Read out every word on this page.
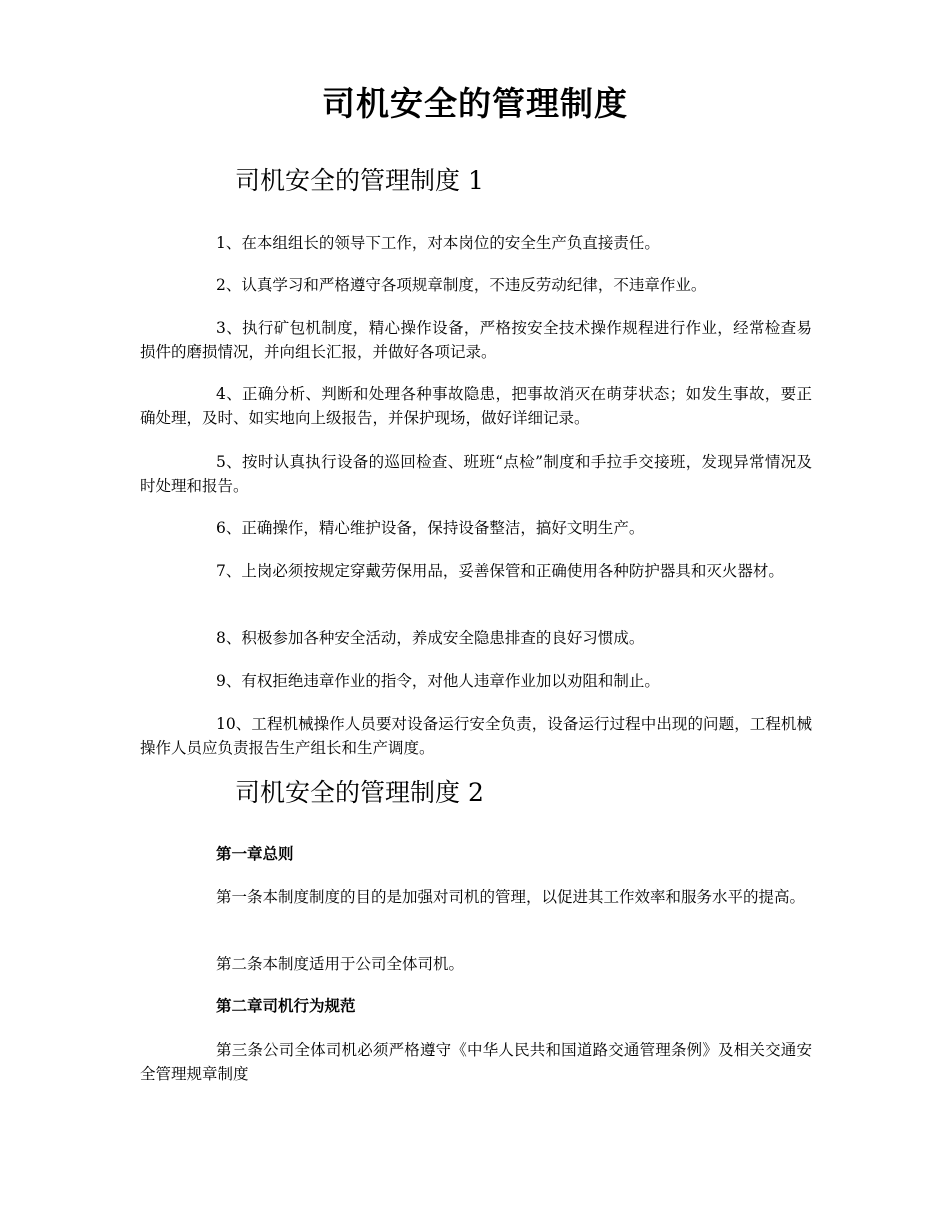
司机安全的管理制度
司机安全的管理制度 1

1、在本组组长的领导下工作，对本岗位的安全生产负直接责任。

2、认真学习和严格遵守各项规章制度，不违反劳动纪律，不违章作业。

3、执行矿包机制度，精心操作设备，严格按安全技术操作规程进行作业，经常检查易损件的磨损情况，并向组长汇报，并做好各项记录。

4、正确分析、判断和处理各种事故隐患，把事故消灭在萌芽状态；如发生事故，要正确处理，及时、如实地向上级报告，并保护现场，做好详细记录。

5、按时认真执行设备的巡回检查、班班“点检”制度和手拉手交接班，发现异常情况及时处理和报告。

6、正确操作，精心维护设备，保持设备整洁，搞好文明生产。

7、上岗必须按规定穿戴劳保用品，妥善保管和正确使用各种防护器具和灭火器材。

8、积极参加各种安全活动，养成安全隐患排查的良好习惯成。

9、有权拒绝违章作业的指令，对他人违章作业加以劝阻和制止。

10、工程机械操作人员要对设备运行安全负责，设备运行过程中出现的问题，工程机械操作人员应负责报告生产组长和生产调度。

司机安全的管理制度 2
第一章总则

第一条本制度制度的目的是加强对司机的管理，以促进其工作效率和服务水平的提高。

第二条本制度适用于公司全体司机。

第二章司机行为规范

第三条公司全体司机必须严格遵守《中华人民共和国道路交通管理条例》及相关交通安全管理规章制度
